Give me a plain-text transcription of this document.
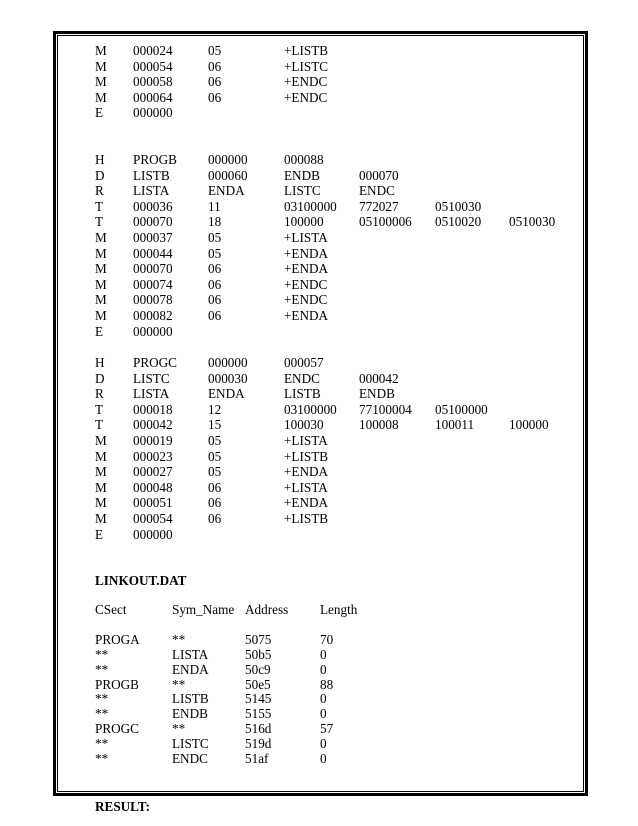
M 000024	05	+LISTB
M 000054	06	+LISTC
M 000058	06	+ENDC
M 000064	06	+ENDC
E 000000
H PROGB 000000	000088
D LISTB	000060	ENDB	000070
R LISTA	ENDA	LISTC	ENDC
T 000036	11	03100000 772027	0510030
T 000070	18	100000	05100006 0510020 0510030
M 000037	05	+LISTA
M 000044	05	+ENDA
M 000070	06	+ENDA
M 000074	06	+ENDC
M 000078	06	+ENDC
M 000082	06	+ENDA
E 000000
H PROGC 000000	000057
D LISTC	000030	ENDC	000042
R LISTA	ENDA	LISTB	ENDB
T 000018	12	03100000 77100004 05100000
T 000042	15	100030	100008	100011	100000
M 000019	05	+LISTA
M 000023	05	+LISTB
M 000027	05	+ENDA
M 000048	06	+LISTA
M 000051	06	+ENDA
M 000054	06	+LISTB
E 000000
LINKOUT.DAT
CSect	Sym_Name Address Length
PROGA **	5075	70
**	LISTA	50b5	0
**	ENDA	50c9	0
PROGB	**	50e5	88
**	LISTB	5145	0
**	ENDB	5155	0
PROGC	**	516d	57
**	LISTC	519d	0
**	ENDC	51af	0
RESULT:
